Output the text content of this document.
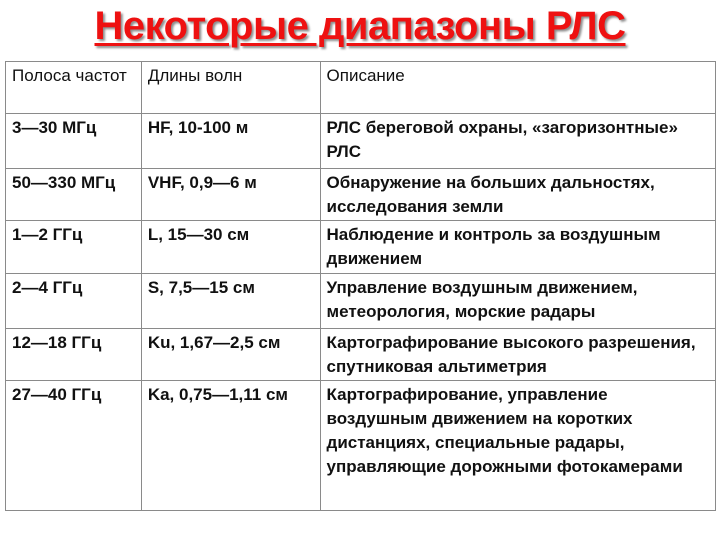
Некоторые диапазоны РЛС
Полоса частот	Длины волн	Описание
3—30 МГц	HF, 10-100 м	РЛС береговой охраны, «загоризонтные» РЛС
50—330 МГц	VHF, 0,9—6 м	Обнаружение на больших дальностях, исследования земли
1—2 ГГц	L, 15—30 см	Наблюдение и контроль за воздушным движением
2—4 ГГц	S, 7,5—15 см	Управление воздушным движением, метеорология, морские радары
12—18 ГГц	Ku, 1,67—2,5 см	Картографирование высокого разрешения, спутниковая альтиметрия
27—40 ГГц	Ka, 0,75—1,11 см	Картографирование, управление воздушным движением на коротких дистанциях, специальные радары, управляющие дорожными фотокамерами
